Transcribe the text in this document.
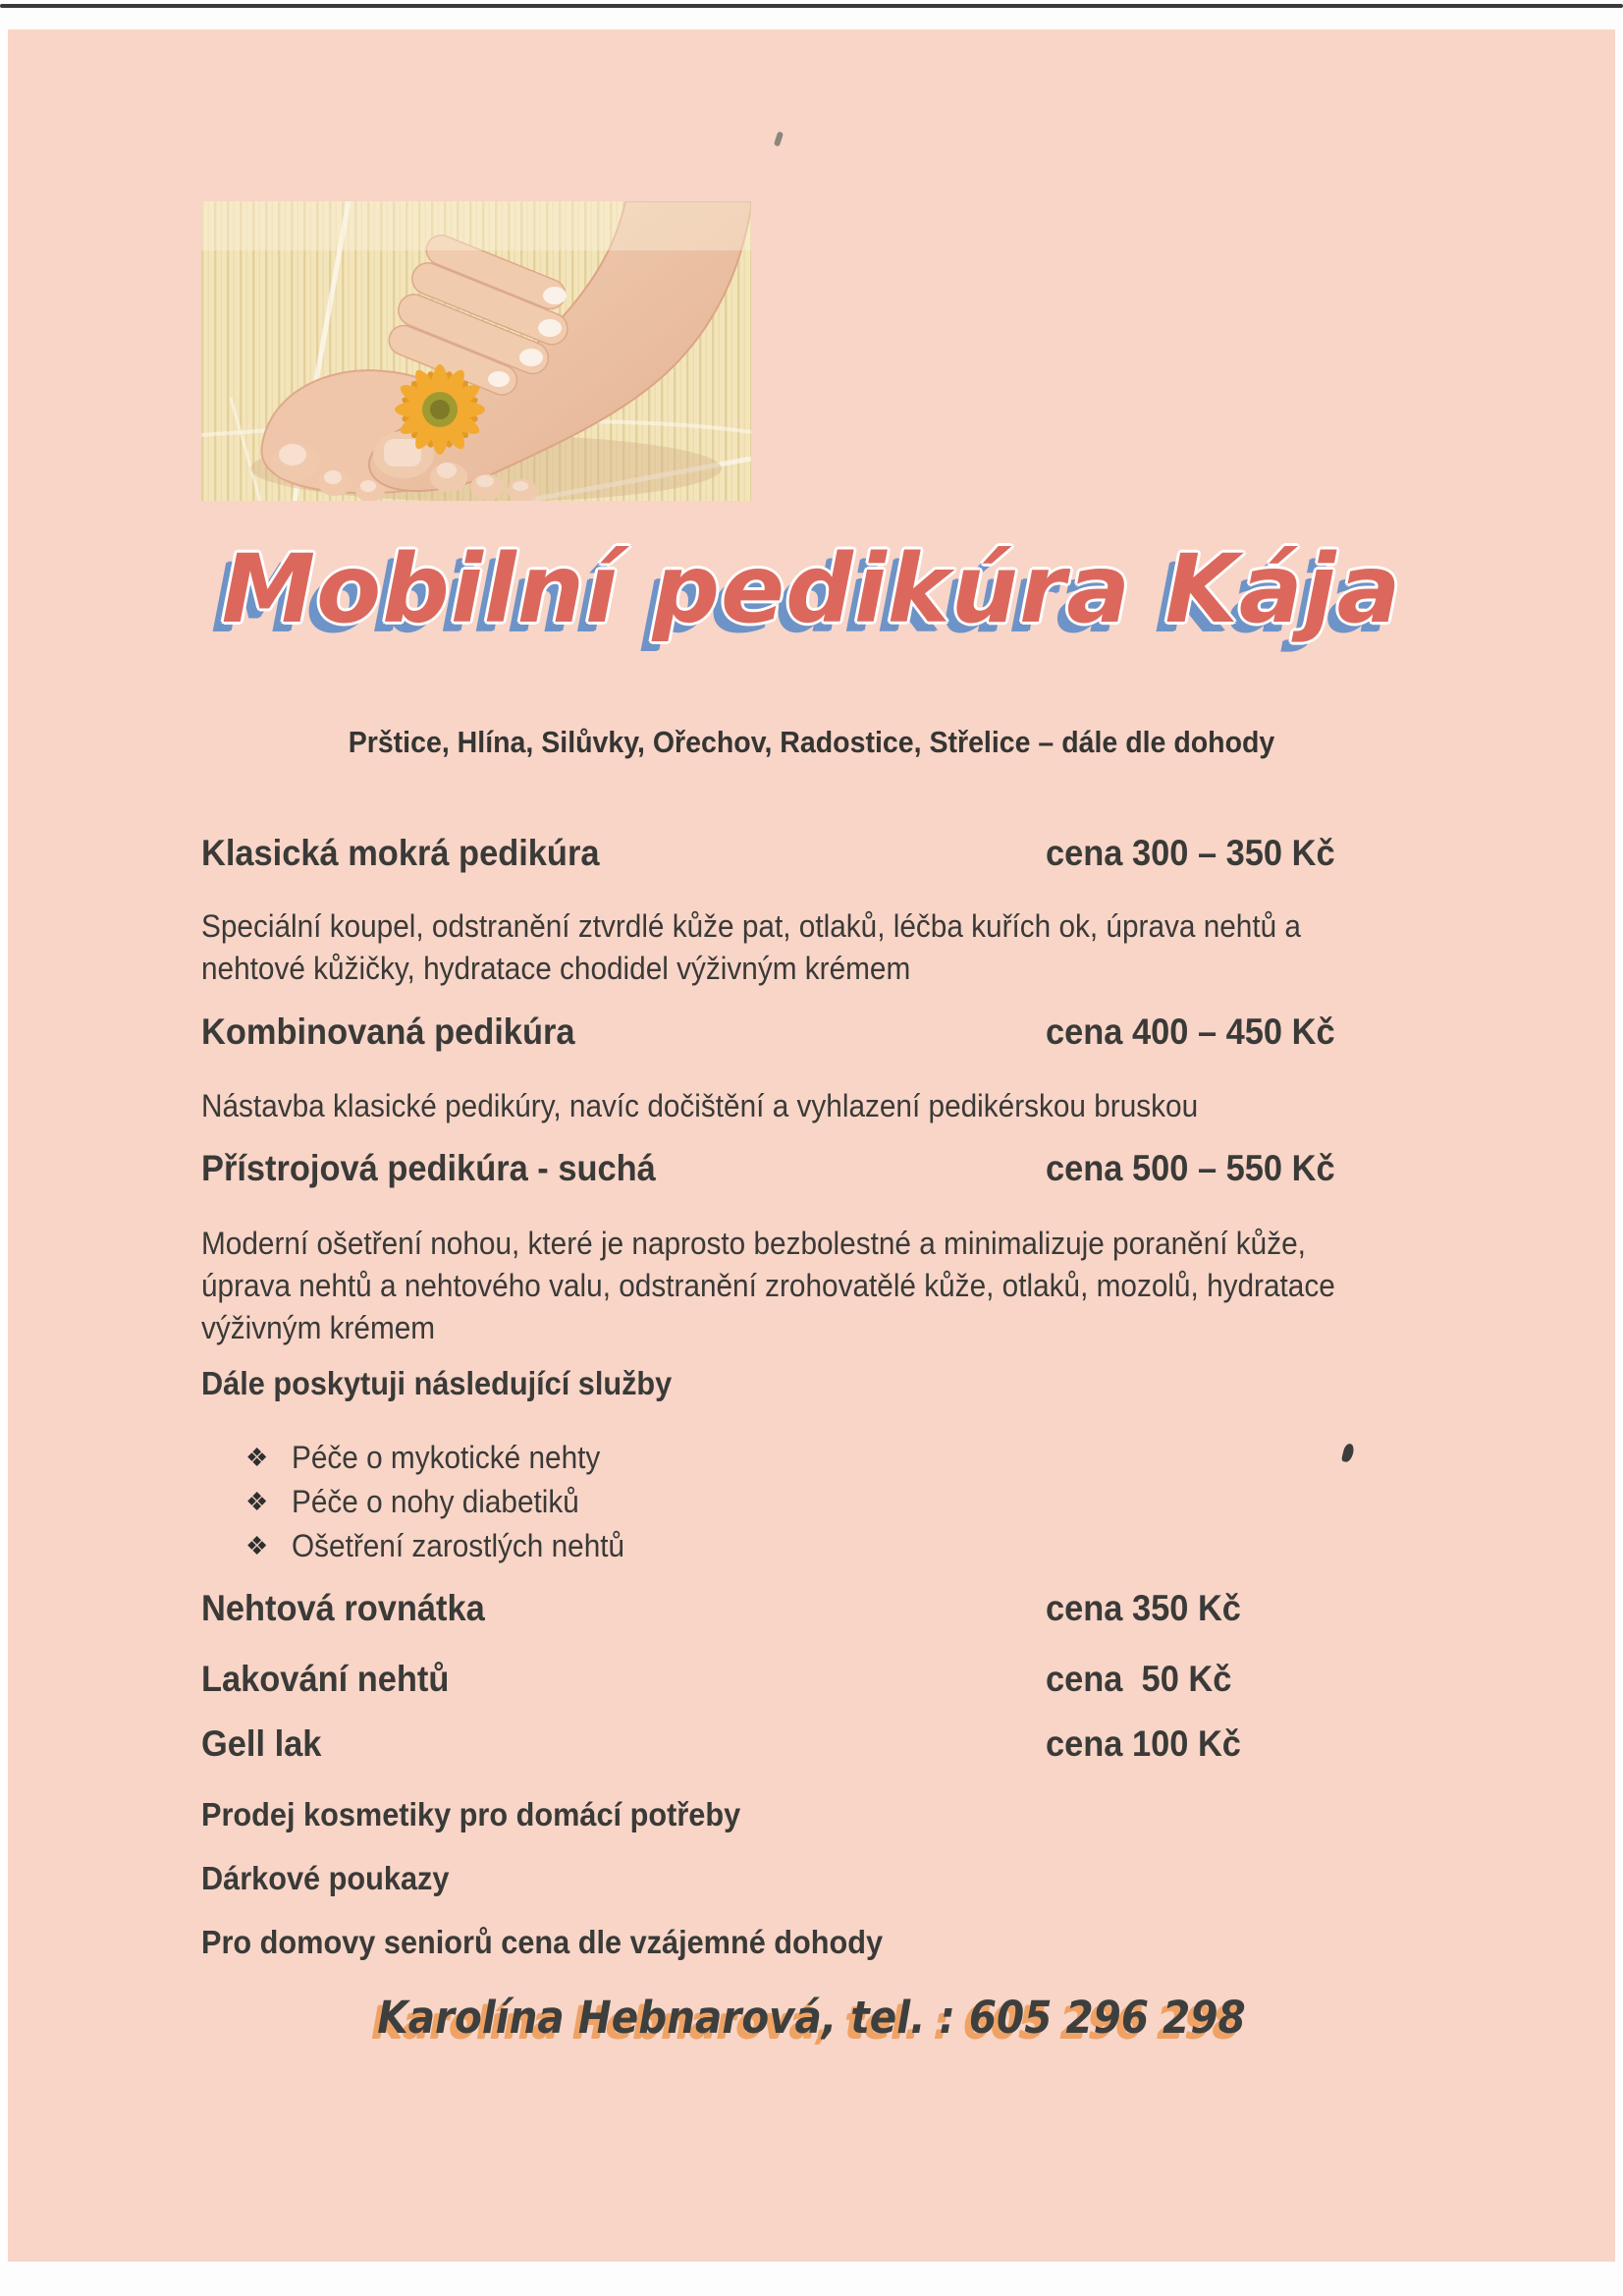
Mobilní pedikúra Kája
Prštice, Hlína, Silůvky, Ořechov, Radostice, Střelice – dále dle dohody
Klasická mokrá pedikúra	cena 300 – 350 Kč
Speciální koupel, odstranění ztvrdlé kůže pat, otlaků, léčba kuřích ok, úprava nehtů a
nehtové kůžičky, hydratace chodidel výživným krémem
Kombinovaná pedikúra	cena 400 – 450 Kč
Nástavba klasické pedikúry, navíc dočištění a vyhlazení pedikérskou bruskou
Přístrojová pedikúra - suchá	cena 500 – 550 Kč
Moderní ošetření nohou, které je naprosto bezbolestné a minimalizuje poranění kůže,
úprava nehtů a nehtového valu, odstranění zrohovatělé kůže, otlaků, mozolů, hydratace
výživným krémem
Dále poskytuji následující služby
❖ Péče o mykotické nehty
❖ Péče o nohy diabetiků
❖ Ošetření zarostlých nehtů
Nehtová rovnátka	cena 350 Kč
Lakování nehtů	cena  50 Kč
Gell lak	cena 100 Kč
Prodej kosmetiky pro domácí potřeby
Dárkové poukazy
Pro domovy seniorů cena dle vzájemné dohody
Karolína Hebnarová, tel. : 605 296 298
